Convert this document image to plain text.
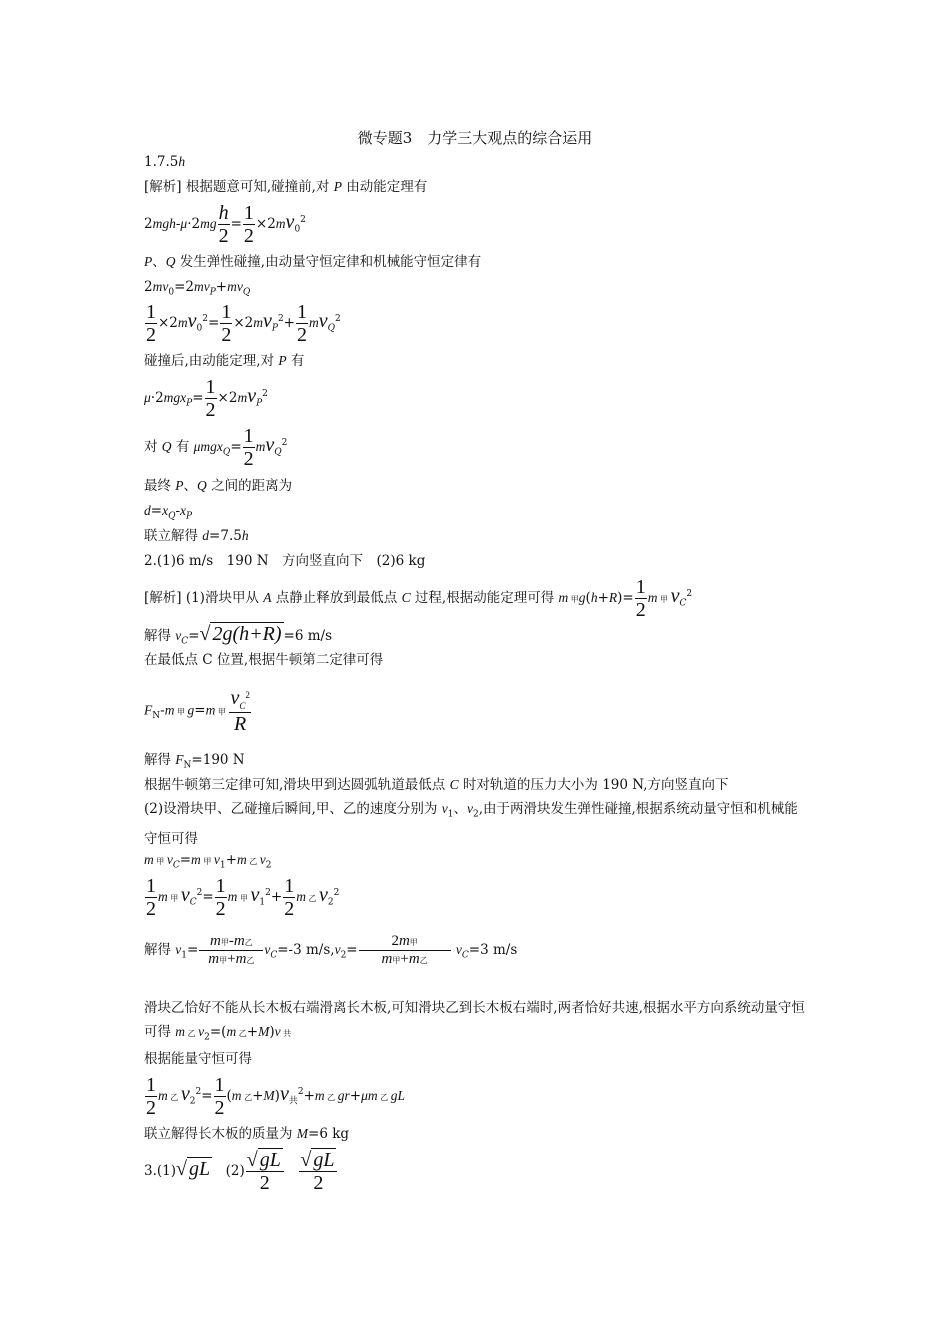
微专题3　力学三大观点的综合运用
1.7.5h
[解析] 根据题意可知,碰撞前,对 P 由动能定理有
$2mgh-\mu\cdot 2mg \frac{h}{2} = \frac{1}{2} \times 2mv_0^2$
P、Q 发生弹性碰撞,由动量守恒定律和机械能守恒定律有
$2mv_0=2mv_P+mv_Q$
$\frac{1}{2} \times 2mv_0^2= \frac{1}{2} \times 2mv_P^2+ \frac{1}{2} mv_Q^2$
碰撞后,由动能定理,对 P 有
$\mu\cdot 2mgx_P= \frac{1}{2} \times 2mv_P^2$
对 Q 有 $\mu mgx_Q= \frac{1}{2} mv_Q^2$
最终 P、Q 之间的距离为
$d=x_Q-x_P$
联立解得 d=7.5h
2.(1)6 m/s　190 N　方向竖直向下　(2)6 kg
[解析] (1)滑块甲从 A 点静止释放到最低点 C 过程,根据动能定理可得 m 甲$g(h+R)= \frac{1}{2}$ m 甲 $v_C^2$
解得 $v_C=√$ 2g(h+R) =6 m/s
在最低点 C 位置,根据牛顿第二定律可得
$F_N-m$ 甲 g=m 甲 $\frac{v_C^2}{R}$
解得 $F_N=190$ N
根据牛顿第三定律可知,滑块甲到达圆弧轨道最低点 C 时对轨道的压力大小为 190 N,方向竖直向下
(2)设滑块甲、乙碰撞后瞬间,甲、乙的速度分别为 $v_1$、$v_2$,由于两滑块发生弹性碰撞,根据系统动量守恒和机械能守恒可得
m 甲 $v_C=m$ 甲 $v_1+m$ 乙 $v_2$
$\frac{1}{2}$ m 甲 $v_C^2= \frac{1}{2}$ m 甲 $v_1^2+ \frac{1}{2}$ m 乙 $v_2^2$
解得 $v_1= \frac{\text{m甲-m乙}}{\text{m甲+m乙}} v_C=-3$ $m/s,v_2= \frac{\text{2m甲}}{\text{m甲+m乙}} v_C=3$ m/s
滑块乙恰好不能从长木板右端滑离长木板,可知滑块乙到长木板右端时,两者恰好共速,根据水平方向系统动量守恒可得 m 乙 $v_2=(m$ 乙+M)v 共
根据能量守恒可得
$\frac{1}{2}$ m 乙 $v_2^2= \frac{1}{2} (m$ 乙$+M)v_共^2+m$ 乙 gr+μm 乙 gL
联立解得长木板的质量为 M=6 kg
3.(1)√ gL　$(2) \frac{√ gL}{2}$
　 $\frac{√ gL}{2}$
